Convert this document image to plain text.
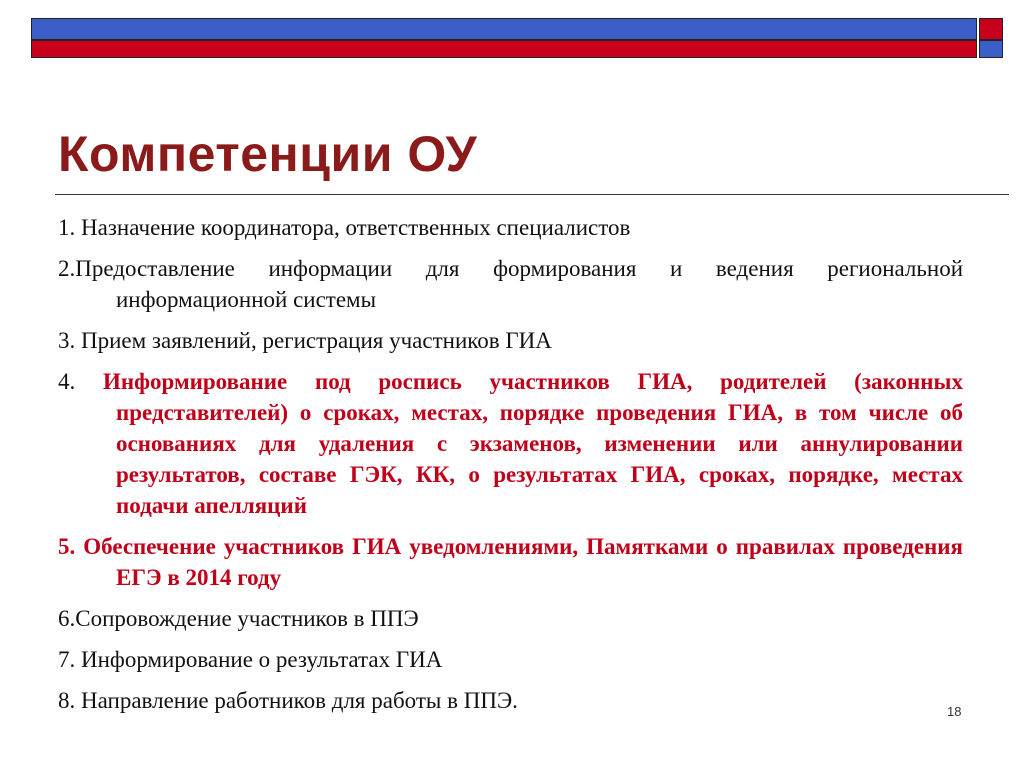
Компетенции ОУ

1. Назначение координатора, ответственных специалистов

2.Предоставление информации для формирования и ведения региональной информационной системы

3. Прием заявлений, регистрация участников ГИА

4. Информирование под роспись участников ГИА, родителей (законных представителей) о сроках, местах, порядке проведения ГИА, в том числе об основаниях для удаления с экзаменов, изменении или аннулировании результатов, составе ГЭК, КК, о результатах ГИА, сроках, порядке, местах подачи апелляций

5. Обеспечение участников ГИА уведомлениями, Памятками о правилах проведения ЕГЭ в 2014 году

6.Сопровождение участников в ППЭ

7. Информирование о результатах ГИА

8. Направление работников для работы в ППЭ.	18
